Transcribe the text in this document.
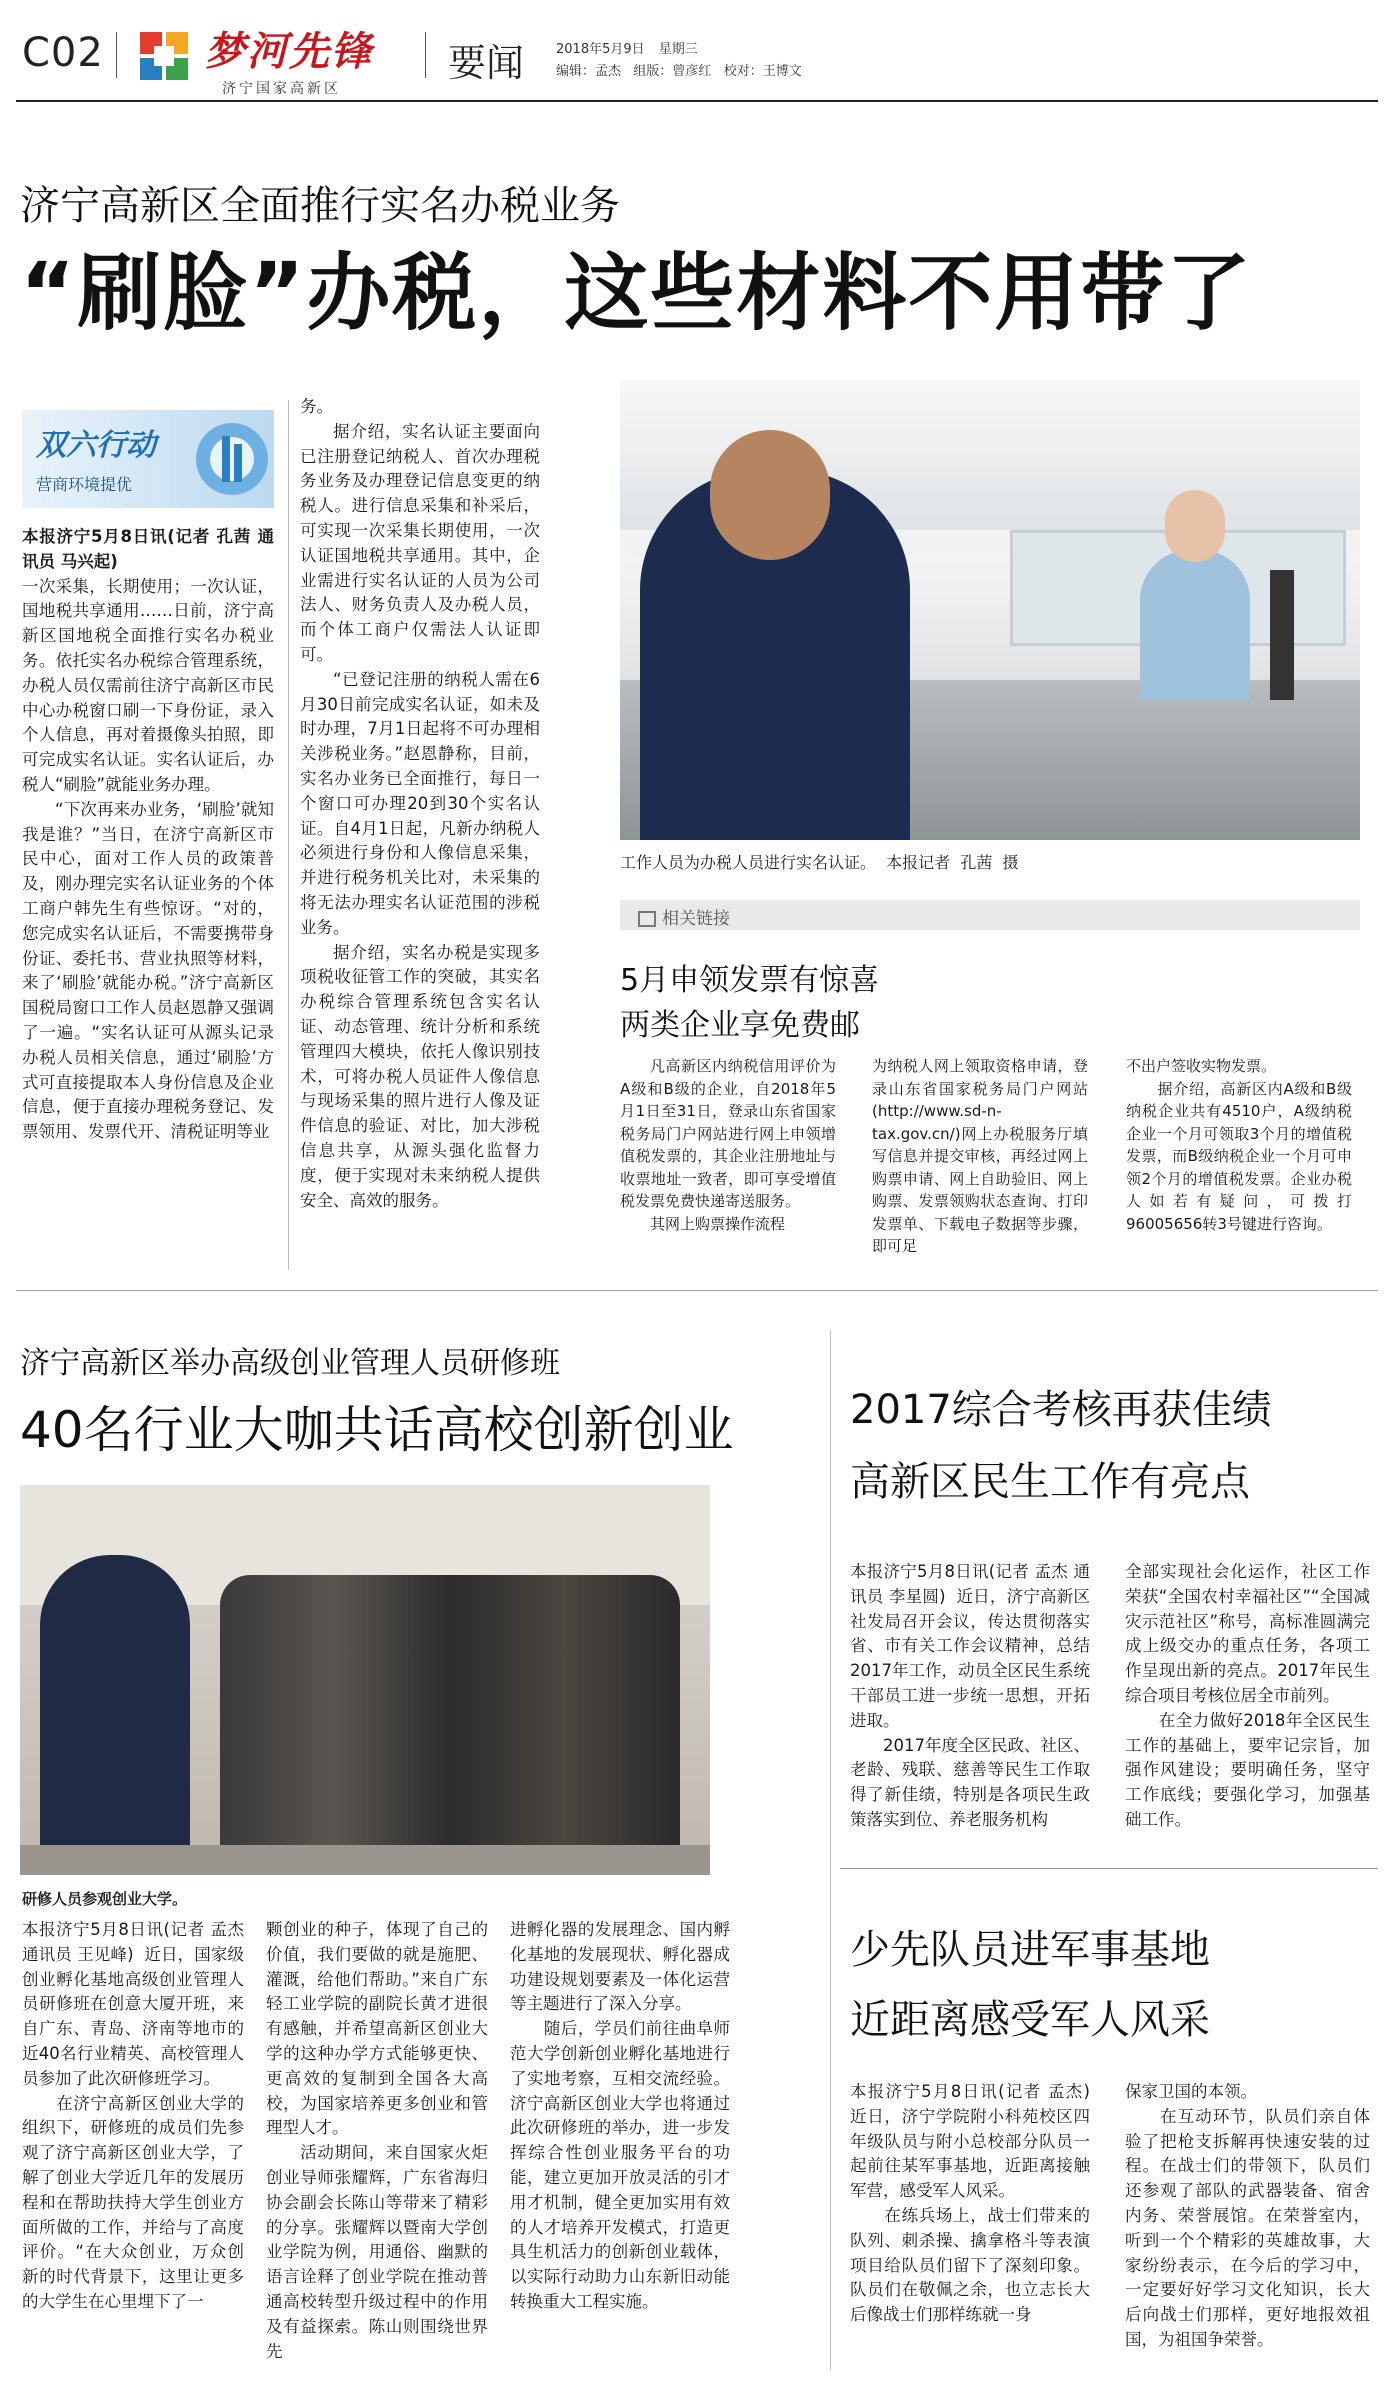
C02	梦河先锋
济宁国家高新区
要闻 2018年5月9日 星期三
编辑：孟杰   组版：曾彦红   校对：王博文
济宁高新区全面推行实名办税业务
“刷脸”办税，这些材料不用带了
双六行动
营商环境提优

本报济宁5月8日讯(记者 孔茜 通讯员 马兴起)

一次采集，长期使用；一次认证，国地税共享通用……日前，济宁高新区国地税全面推行实名办税业务。依托实名办税综合管理系统，办税人员仅需前往济宁高新区市民中心办税窗口刷一下身份证，录入个人信息，再对着摄像头拍照，即可完成实名认证。实名认证后，办税人“刷脸”就能业务办理。

“下次再来办业务，‘刷脸’就知我是谁？”当日，在济宁高新区市民中心，面对工作人员的政策普及，刚办理完实名认证业务的个体工商户韩先生有些惊讶。“对的，您完成实名认证后，不需要携带身份证、委托书、营业执照等材料，来了‘刷脸’就能办税。”济宁高新区国税局窗口工作人员赵恩静又强调了一遍。“实名认证可从源头记录办税人员相关信息，通过‘刷脸’方式可直接提取本人身份信息及企业信息，便于直接办理税务登记、发票领用、发票代开、清税证明等业

务。

据介绍，实名认证主要面向已注册登记纳税人、首次办理税务业务及办理登记信息变更的纳税人。进行信息采集和补采后，可实现一次采集长期使用，一次认证国地税共享通用。其中，企业需进行实名认证的人员为公司法人、财务负责人及办税人员，而个体工商户仅需法人认证即可。

“已登记注册的纳税人需在6月30日前完成实名认证，如未及时办理，7月1日起将不可办理相关涉税业务。”赵恩静称，目前，实名办业务已全面推行，每日一个窗口可办理20到30个实名认证。自4月1日起，凡新办纳税人必须进行身份和人像信息采集，并进行税务机关比对，未采集的将无法办理实名认证范围的涉税业务。

据介绍，实名办税是实现多项税收征管工作的突破，其实名办税综合管理系统包含实名认证、动态管理、统计分析和系统管理四大模块，依托人像识别技术，可将办税人员证件人像信息与现场采集的照片进行人像及证件信息的验证、对比，加大涉税信息共享，从源头强化监督力度，便于实现对未来纳税人提供安全、高效的服务。

工作人员为办税人员进行实名认证。  本报记者  孔茜  摄
相关链接
5月申领发票有惊喜
两类企业享免费邮

凡高新区内纳税信用评价为A级和B级的企业，自2018年5月1日至31日，登录山东省国家税务局门户网站进行网上申领增值税发票的，其企业注册地址与收票地址一致者，即可享受增值税发票免费快递寄送服务。
　　其网上购票操作流程

为纳税人网上领取资格申请，登录山东省国家税务局门户网站(http://www.sd-n-tax.gov.cn/)网上办税服务厅填写信息并提交审核，再经过网上购票申请、网上自助验旧、网上购票、发票领购状态查询、打印发票单、下载电子数据等步骤，即可足

不出户签收实物发票。
　　据介绍，高新区内A级和B级纳税企业共有4510户，A级纳税企业一个月可领取3个月的增值税发票，而B级纳税企业一个月可申领2个月的增值税发票。企业办税人如若有疑问，可拨打96005656转3号键进行咨询。

济宁高新区举办高级创业管理人员研修班
40名行业大咖共话高校创新创业
研修人员参观创业大学。

本报济宁5月8日讯(记者 孟杰 通讯员 王见峰)  近日，国家级创业孵化基地高级创业管理人员研修班在创意大厦开班，来自广东、青岛、济南等地市的近40名行业精英、高校管理人员参加了此次研修班学习。
　　在济宁高新区创业大学的组织下，研修班的成员们先参观了济宁高新区创业大学，了解了创业大学近几年的发展历程和在帮助扶持大学生创业方面所做的工作，并给与了高度评价。“在大众创业，万众创新的时代背景下，这里让更多的大学生在心里埋下了一

颗创业的种子，体现了自己的价值，我们要做的就是施肥、灌溉，给他们帮助。”来自广东轻工业学院的副院长黄才进很有感触，并希望高新区创业大学的这种办学方式能够更快、更高效的复制到全国各大高校，为国家培养更多创业和管理型人才。
　　活动期间，来自国家火炬创业导师张耀辉，广东省海归协会副会长陈山等带来了精彩的分享。张耀辉以暨南大学创业学院为例，用通俗、幽默的语言诠释了创业学院在推动普通高校转型升级过程中的作用及有益探索。陈山则围绕世界先

进孵化器的发展理念、国内孵化基地的发展现状、孵化器成功建设规划要素及一体化运营等主题进行了深入分享。
　　随后，学员们前往曲阜师范大学创新创业孵化基地进行了实地考察，互相交流经验。济宁高新区创业大学也将通过此次研修班的举办，进一步发挥综合性创业服务平台的功能，建立更加开放灵活的引才用才机制，健全更加实用有效的人才培养开发模式，打造更具生机活力的创新创业载体，以实际行动助力山东新旧动能转换重大工程实施。

2017综合考核再获佳绩
高新区民生工作有亮点

本报济宁5月8日讯(记者 孟杰 通讯员 李星圆)  近日，济宁高新区社发局召开会议，传达贯彻落实省、市有关工作会议精神，总结2017年工作，动员全区民生系统干部员工进一步统一思想，开拓进取。
　　2017年度全区民政、社区、老龄、残联、慈善等民生工作取得了新佳绩，特别是各项民生政策落实到位、养老服务机构

全部实现社会化运作，社区工作荣获“全国农村幸福社区”“全国减灾示范社区”称号，高标准圆满完成上级交办的重点任务，各项工作呈现出新的亮点。2017年民生综合项目考核位居全市前列。
　　在全力做好2018年全区民生工作的基础上，要牢记宗旨，加强作风建设；要明确任务，坚守工作底线；要强化学习，加强基础工作。

少先队员进军事基地
近距离感受军人风采

本报济宁5月8日讯(记者 孟杰)  近日，济宁学院附小科苑校区四年级队员与附小总校部分队员一起前往某军事基地，近距离接触军营，感受军人风采。
　　在练兵场上，战士们带来的队列、刺杀操、擒拿格斗等表演项目给队员们留下了深刻印象。队员们在敬佩之余，也立志长大后像战士们那样练就一身

保家卫国的本领。
　　在互动环节，队员们亲自体验了把枪支拆解再快速安装的过程。在战士们的带领下，队员们还参观了部队的武器装备、宿舍内务、荣誉展馆。在荣誉室内，听到一个个精彩的英雄故事，大家纷纷表示，在今后的学习中，一定要好好学习文化知识，长大后向战士们那样，更好地报效祖国，为祖国争荣誉。
